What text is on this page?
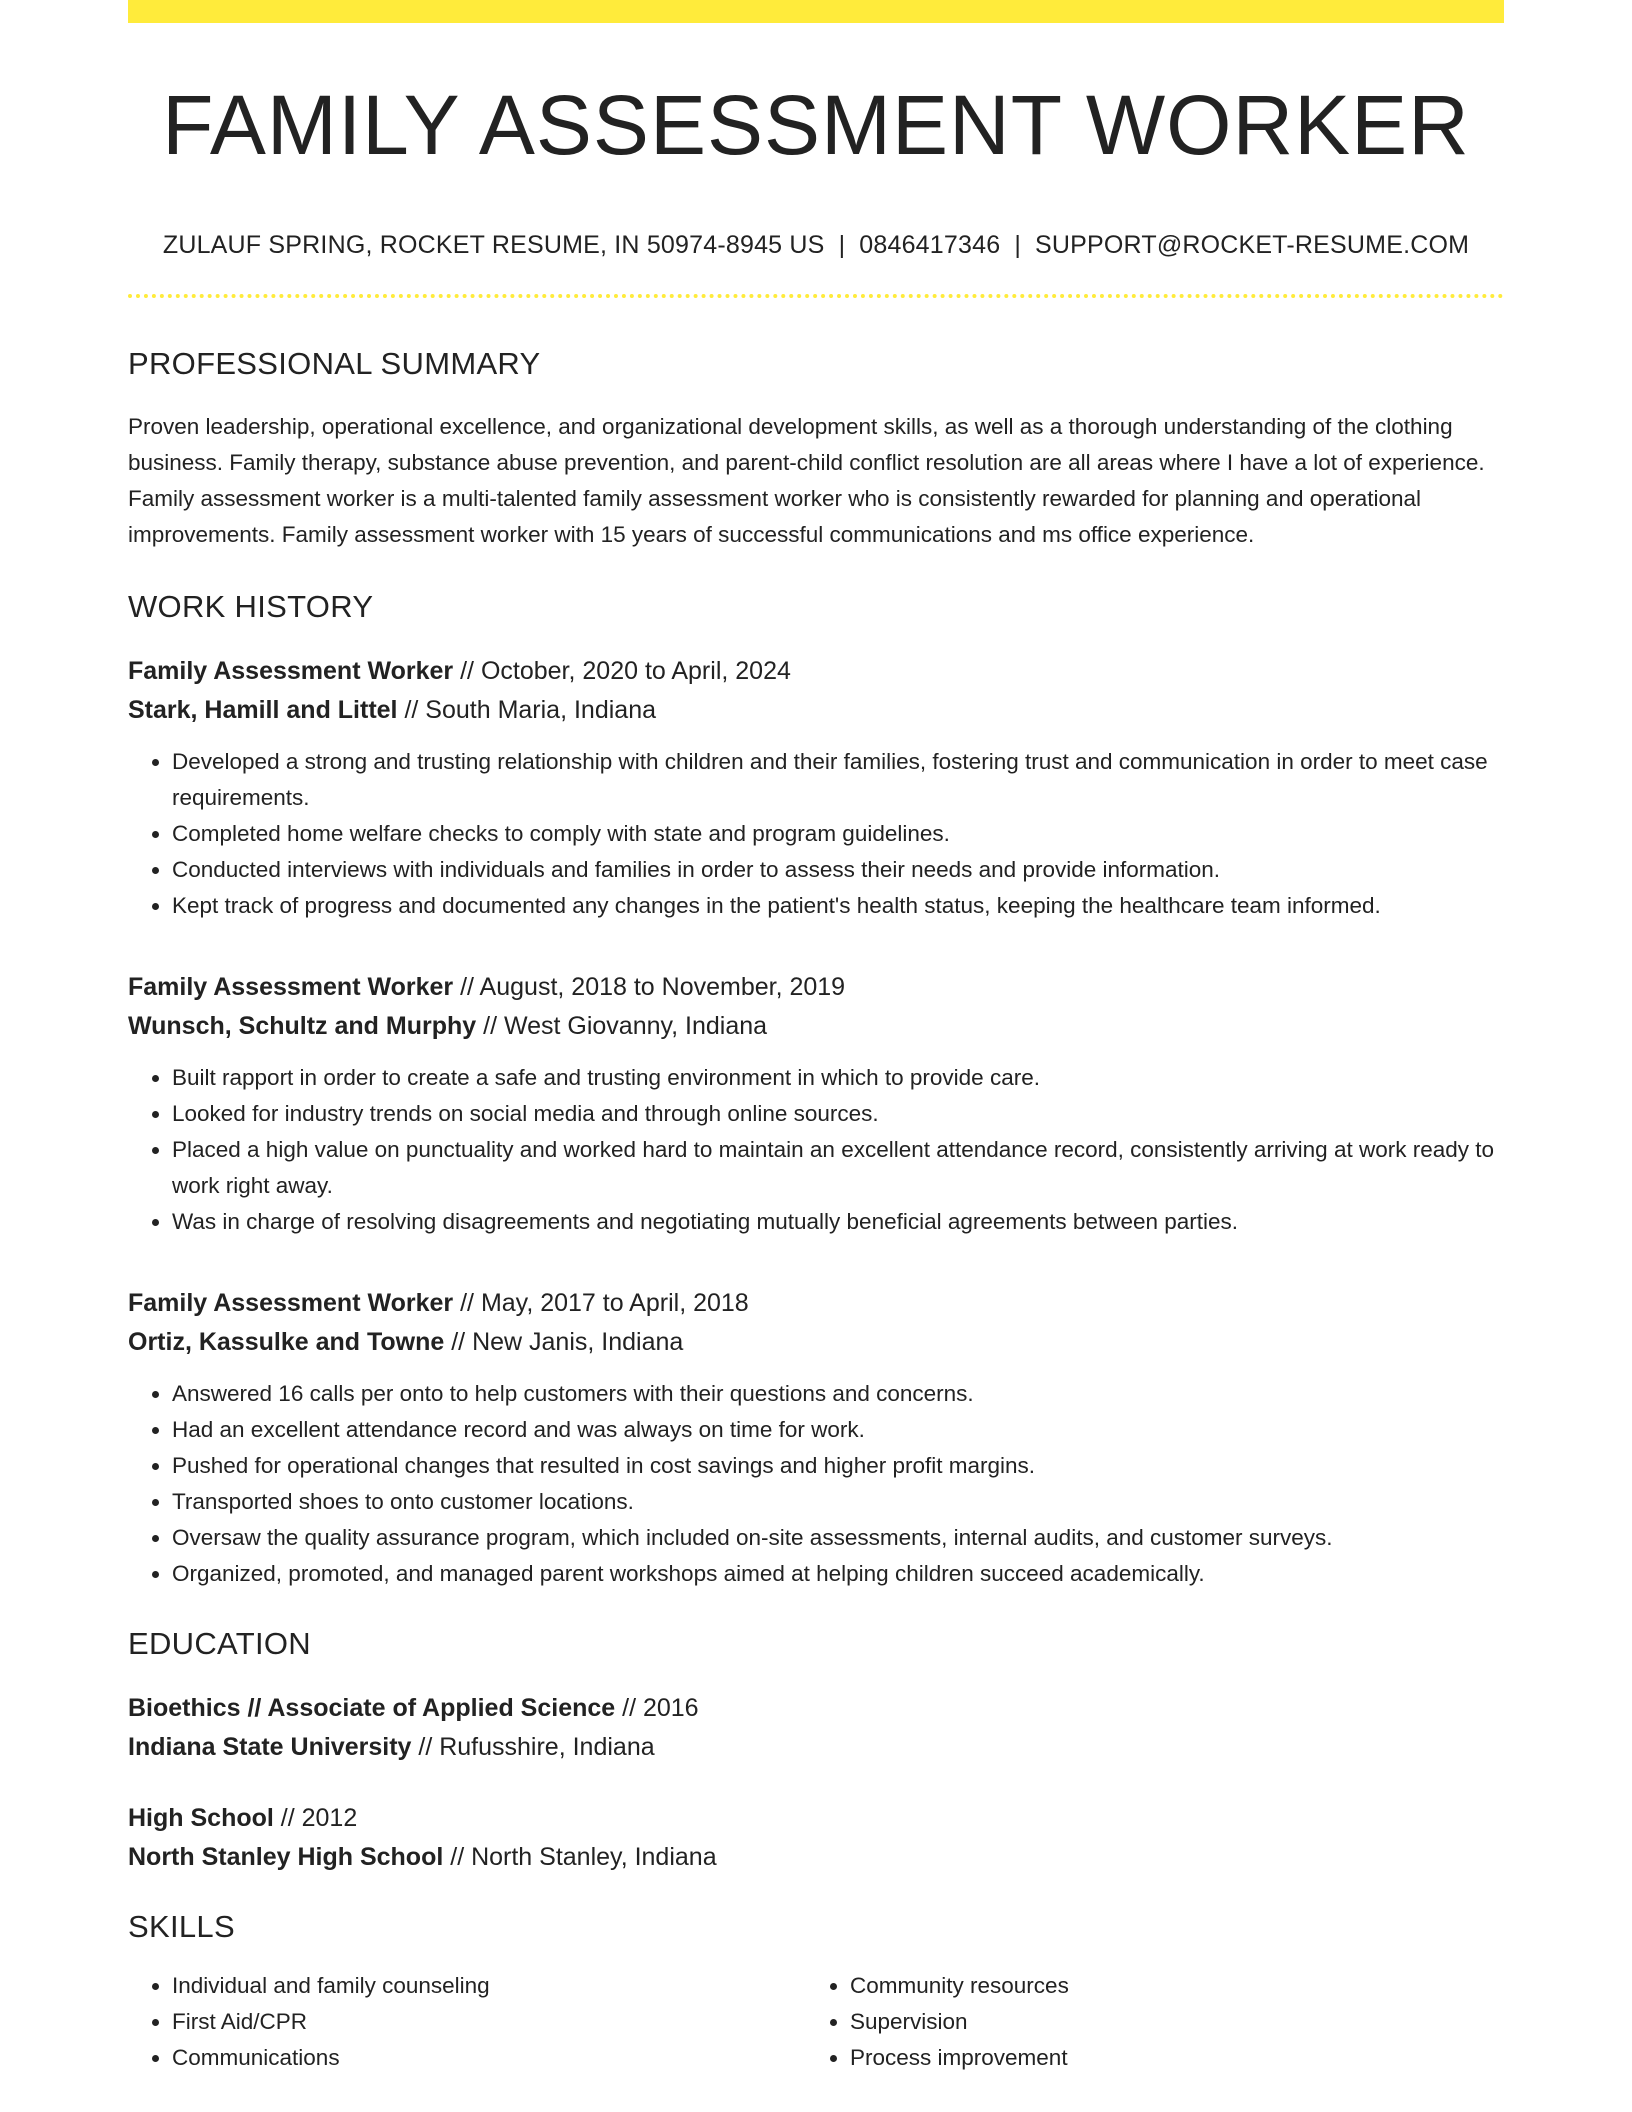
FAMILY ASSESSMENT WORKER
ZULAUF SPRING, ROCKET RESUME, IN 50974-8945 US | 0846417346 | SUPPORT@ROCKET-RESUME.COM
PROFESSIONAL SUMMARY

Proven leadership, operational excellence, and organizational development skills, as well as a thorough understanding of the clothing business. Family therapy, substance abuse prevention, and parent-child conflict resolution are all areas where I have a lot of experience. Family assessment worker is a multi-talented family assessment worker who is consistently rewarded for planning and operational improvements. Family assessment worker with 15 years of successful communications and ms office experience.

WORK HISTORY
Family Assessment Worker // October, 2020 to April, 2024
Stark, Hamill and Littel // South Maria, Indiana
• Developed a strong and trusting relationship with children and their families, fostering trust and communication in order to meet case requirements.
• Completed home welfare checks to comply with state and program guidelines.
• Conducted interviews with individuals and families in order to assess their needs and provide information.
• Kept track of progress and documented any changes in the patient's health status, keeping the healthcare team informed.
Family Assessment Worker // August, 2018 to November, 2019
Wunsch, Schultz and Murphy // West Giovanny, Indiana
• Built rapport in order to create a safe and trusting environment in which to provide care.
• Looked for industry trends on social media and through online sources.
• Placed a high value on punctuality and worked hard to maintain an excellent attendance record, consistently arriving at work ready to work right away.
• Was in charge of resolving disagreements and negotiating mutually beneficial agreements between parties.
Family Assessment Worker // May, 2017 to April, 2018
Ortiz, Kassulke and Towne // New Janis, Indiana
• Answered 16 calls per onto to help customers with their questions and concerns.
• Had an excellent attendance record and was always on time for work.
• Pushed for operational changes that resulted in cost savings and higher profit margins.
• Transported shoes to onto customer locations.
• Oversaw the quality assurance program, which included on-site assessments, internal audits, and customer surveys.
• Organized, promoted, and managed parent workshops aimed at helping children succeed academically.
EDUCATION
Bioethics // Associate of Applied Science // 2016
Indiana State University // Rufusshire, Indiana
High School // 2012
North Stanley High School // North Stanley, Indiana
SKILLS
• Individual and family counseling
• First Aid/CPR
• Communications
• Community resources
• Supervision
• Process improvement
